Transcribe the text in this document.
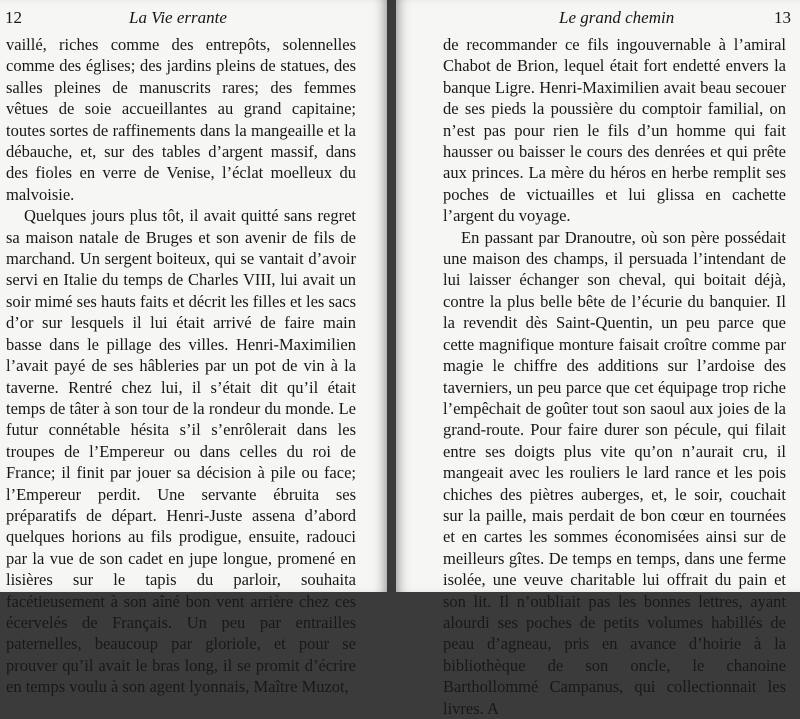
12	La Vie errante

vaillé, riches comme des entrepôts, solennelles comme des églises; des jardins pleins de statues, des salles pleines de manuscrits rares; des femmes vêtues de soie accueillantes au grand capitaine; toutes sortes de raffinements dans la mangeaille et la débauche, et, sur des tables d’argent massif, dans des fioles en verre de Venise, l’éclat moelleux du malvoisie.

Quelques jours plus tôt, il avait quitté sans regret sa maison natale de Bruges et son avenir de fils de marchand. Un sergent boiteux, qui se vantait d’avoir servi en Italie du temps de Charles VIII, lui avait un soir mimé ses hauts faits et décrit les filles et les sacs d’or sur lesquels il lui était arrivé de faire main basse dans le pillage des villes. Henri-Maximilien l’avait payé de ses hâbleries par un pot de vin à la taverne. Rentré chez lui, il s’était dit qu’il était temps de tâter à son tour de la rondeur du monde. Le futur connétable hésita s’il s’enrôlerait dans les troupes de l’Empereur ou dans celles du roi de France; il finit par jouer sa décision à pile ou face; l’Empereur perdit. Une servante ébruita ses préparatifs de départ. Henri-Juste assena d’abord quelques horions au fils prodigue, ensuite, radouci par la vue de son cadet en jupe longue, promené en lisières sur le tapis du parloir, souhaita facétieusement à son aîné bon vent arrière chez ces écervelés de Français. Un peu par entrailles paternelles, beaucoup par gloriole, et pour se prouver qu’il avait le bras long, il se promit d’écrire en temps voulu à son agent lyonnais, Maître Muzot,

Le grand chemin	13

de recommander ce fils ingouvernable à l’amiral Chabot de Brion, lequel était fort endetté envers la banque Ligre. Henri-Maximilien avait beau secouer de ses pieds la poussière du comptoir familial, on n’est pas pour rien le fils d’un homme qui fait hausser ou baisser le cours des denrées et qui prête aux princes. La mère du héros en herbe remplit ses poches de victuailles et lui glissa en cachette l’argent du voyage.

En passant par Dranoutre, où son père possédait une maison des champs, il persuada l’intendant de lui laisser échanger son cheval, qui boitait déjà, contre la plus belle bête de l’écurie du banquier. Il la revendit dès Saint-Quentin, un peu parce que cette magnifique monture faisait croître comme par magie le chiffre des additions sur l’ardoise des taverniers, un peu parce que cet équipage trop riche l’empêchait de goûter tout son saoul aux joies de la grand-route. Pour faire durer son pécule, qui filait entre ses doigts plus vite qu’on n’aurait cru, il mangeait avec les rouliers le lard rance et les pois chiches des piètres auberges, et, le soir, couchait sur la paille, mais perdait de bon cœur en tournées et en cartes les sommes économisées ainsi sur de meilleurs gîtes. De temps en temps, dans une ferme isolée, une veuve charitable lui offrait du pain et son lit. Il n’oubliait pas les bonnes lettres, ayant alourdi ses poches de petits volumes habillés de peau d’agneau, pris en avance d’hoirie à la bibliothèque de son oncle, le chanoine Barthollommé Campanus, qui collectionnait les livres. A
